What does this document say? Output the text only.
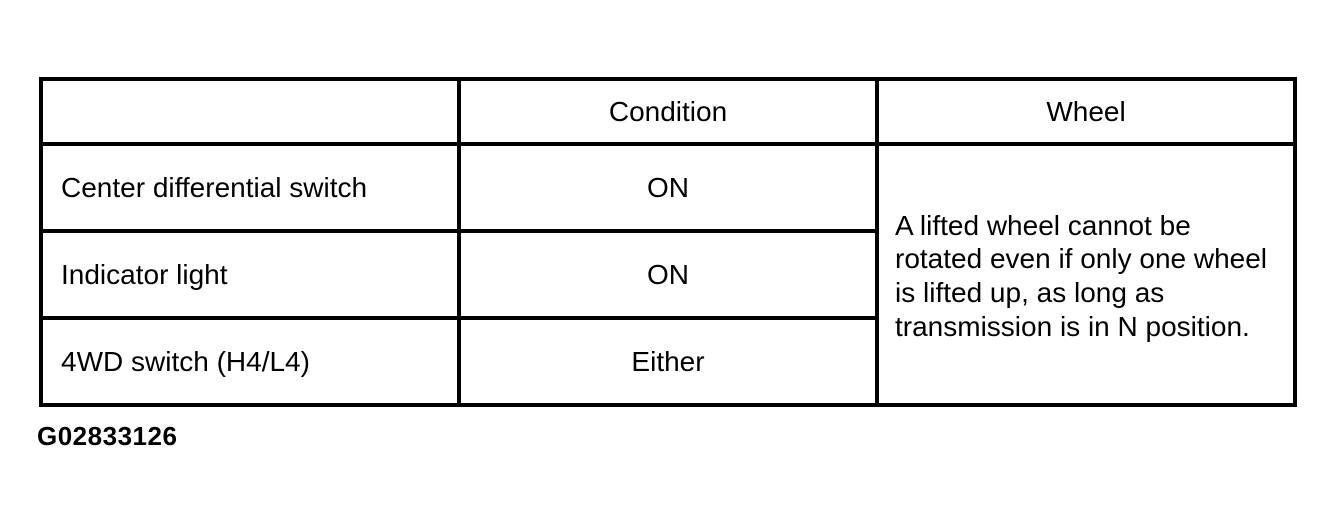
	Condition	Wheel
Center differential switch	ON	A lifted wheel cannot be rotated even if only one wheel is lifted up, as long as transmission is in N position.
Indicator light	ON	
4WD switch (H4/L4)	Either	
G02833126
